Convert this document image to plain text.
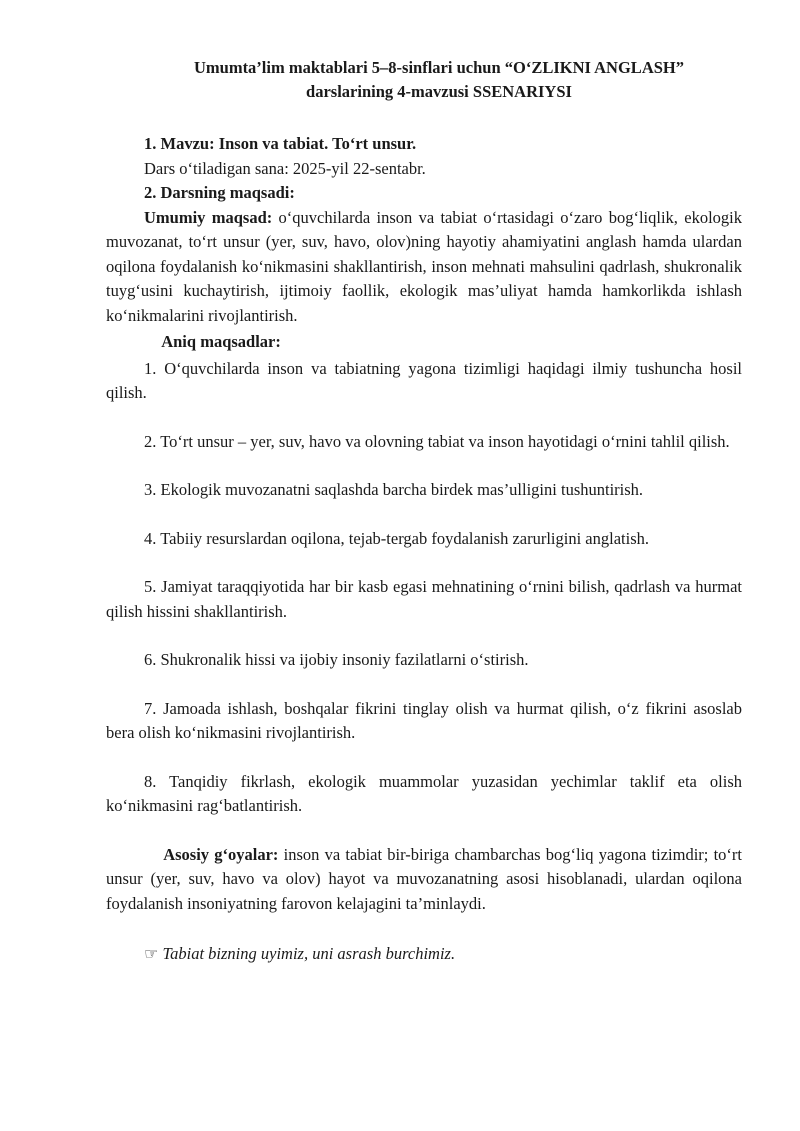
Umumta’lim maktablari 5–8-sinflari uchun “O‘ZLIKNI ANGLASH”
darslarining 4-mavzusi SSENARIYSI

1. Mavzu: Inson va tabiat. To‘rt unsur.

Dars o‘tiladigan sana: 2025-yil 22-sentabr.

2. Darsning maqsadi:

Umumiy maqsad: o‘quvchilarda inson va tabiat o‘rtasidagi o‘zaro bog‘liqlik, ekologik muvozanat, to‘rt unsur (yer, suv, havo, olov)ning hayotiy ahamiyatini anglash hamda ulardan oqilona foydalanish ko‘nikmasini shakllantirish, inson mehnati mahsulini qadrlash, shukronalik tuyg‘usini kuchaytirish, ijtimoiy faollik, ekologik mas’uliyat hamda hamkorlikda ishlash ko‘nikmalarini rivojlantirish.

Aniq maqsadlar:

1. O‘quvchilarda inson va tabiatning yagona tizimligi haqidagi ilmiy tushuncha hosil qilish.

2. To‘rt unsur – yer, suv, havo va olovning tabiat va inson hayotidagi o‘rnini tahlil qilish.

3. Ekologik muvozanatni saqlashda barcha birdek mas’ulligini tushuntirish.

4. Tabiiy resurslardan oqilona, tejab-tergab foydalanish zarurligini anglatish.

5. Jamiyat taraqqiyotida har bir kasb egasi mehnatining o‘rnini bilish, qadrlash va hurmat qilish hissini shakllantirish.

6. Shukronalik hissi va ijobiy insoniy fazilatlarni o‘stirish.

7. Jamoada ishlash, boshqalar fikrini tinglay olish va hurmat qilish, o‘z fikrini asoslab bera olish ko‘nikmasini rivojlantirish.

8. Tanqidiy fikrlash, ekologik muammolar yuzasidan yechimlar taklif eta olish ko‘nikmasini rag‘batlantirish.

Asosiy g‘oyalar: inson va tabiat bir-biriga chambarchas bog‘liq yagona tizimdir; to‘rt unsur (yer, suv, havo va olov) hayot va muvozanatning asosi hisoblanadi, ulardan oqilona foydalanish insoniyatning farovon kelajagini ta’minlaydi.

☞ Tabiat bizning uyimiz, uni asrash burchimiz.
